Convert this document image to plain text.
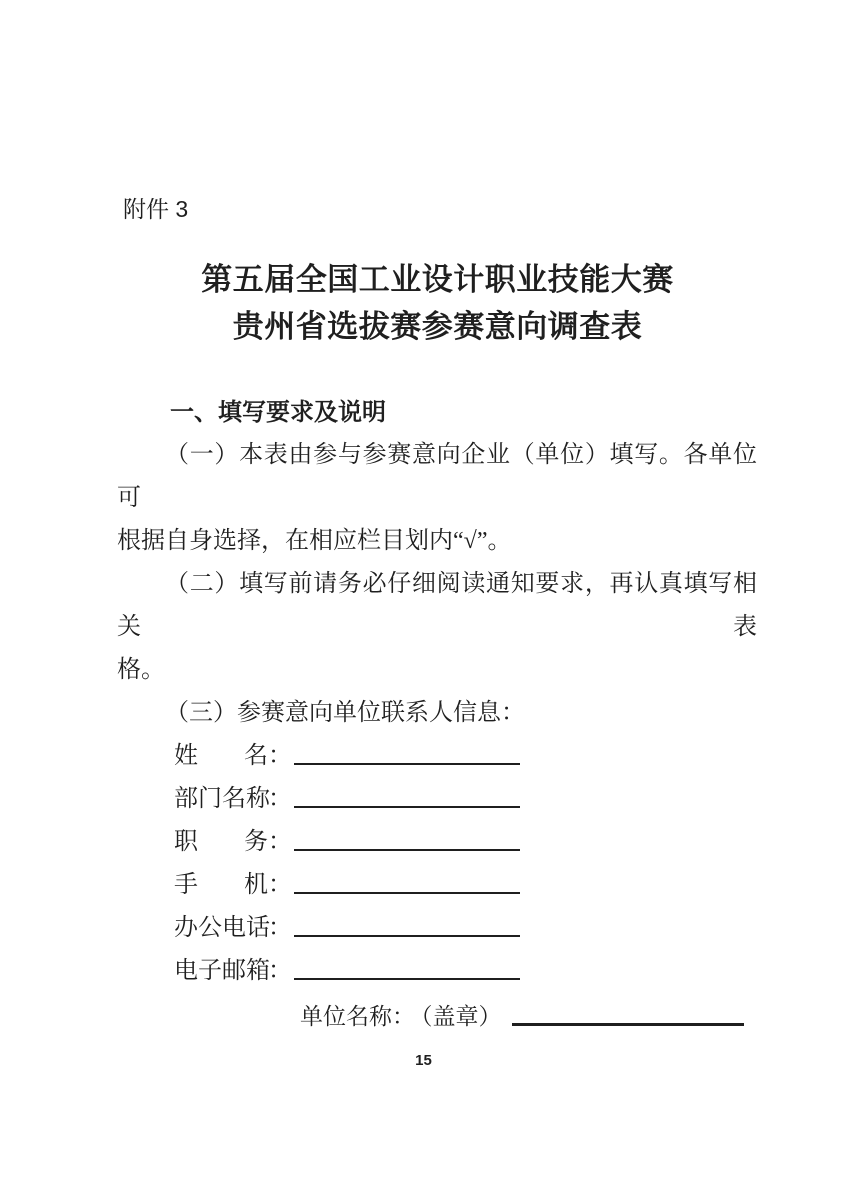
附件 3
第五届全国工业设计职业技能大赛
贵州省选拔赛参赛意向调查表
一、填写要求及说明
（一）本表由参与参赛意向企业（单位）填写。各单位可
根据自身选择，在相应栏目划内“√”。
（二）填写前请务必仔细阅读通知要求，再认真填写相关表
格。
（三）参赛意向单位联系人信息：
姓 名 ：
部 门 名 称
：
职 务 ：
手 机 ：
办 公 电 话
：
电 子 邮 箱
：
单位名称： （盖章）
15
